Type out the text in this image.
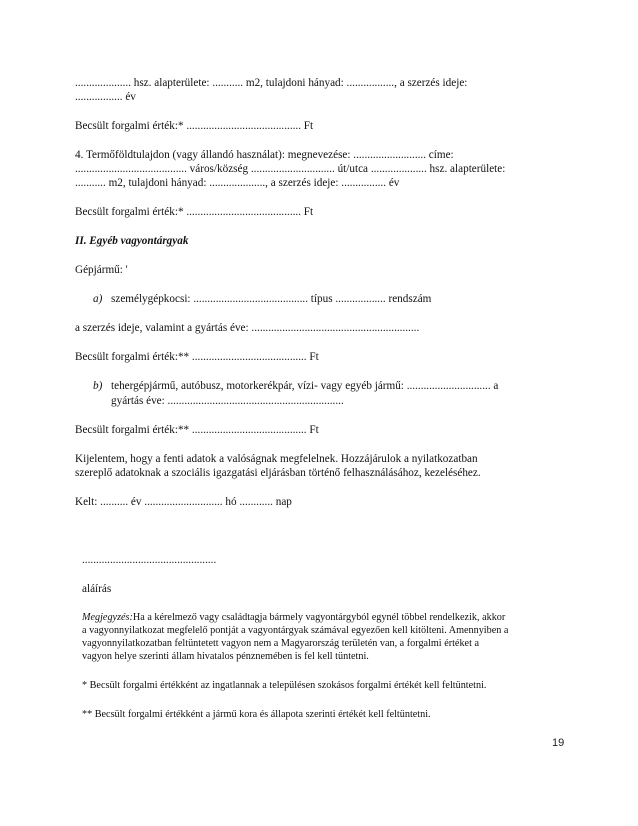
.................... hsz. alapterülete: ........... m2, tulajdoni hányad: ................., a szerzés ideje:
................. év
Becsült forgalmi érték:* ......................................... Ft
4. Termőföldtulajdon (vagy állandó használat): megnevezése: .......................... címe:
........................................ város/község .............................. út/utca .................... hsz. alapterülete:
........... m2, tulajdoni hányad: ...................., a szerzés ideje: ................ év
Becsült forgalmi érték:* ......................................... Ft
II. Egyéb vagyontárgyak
Gépjármű: '
a) személygépkocsi: ......................................... típus .................. rendszám
a szerzés ideje, valamint a gyártás éve: ............................................................
Becsült forgalmi érték:** ......................................... Ft
b) tehergépjármű, autóbusz, motorkerékpár, vízi- vagy egyéb jármű: .............................. a
gyártás éve: ...............................................................
Becsült forgalmi érték:** ......................................... Ft
Kijelentem, hogy a fenti adatok a valóságnak megfelelnek. Hozzájárulok a nyilatkozatban
szereplő adatoknak a szociális igazgatási eljárásban történő felhasználásához, kezeléséhez.
Kelt: .......... év ............................ hó ............ nap
................................................
aláírás
Megjegyzés:Ha a kérelmező vagy családtagja bármely vagyontárgyból egynél többel rendelkezik, akkor
a vagyonnyilatkozat megfelelő pontját a vagyontárgyak számával egyezően kell kitölteni. Amennyiben a
vagyonnyilatkozatban feltüntetett vagyon nem a Magyarország területén van, a forgalmi értéket a
vagyon helye szerinti állam hivatalos pénznemében is fel kell tüntetni.
* Becsült forgalmi értékként az ingatlannak a településen szokásos forgalmi értékét kell feltüntetni.
** Becsült forgalmi értékként a jármű kora és állapota szerinti értékét kell feltüntetni.
19
